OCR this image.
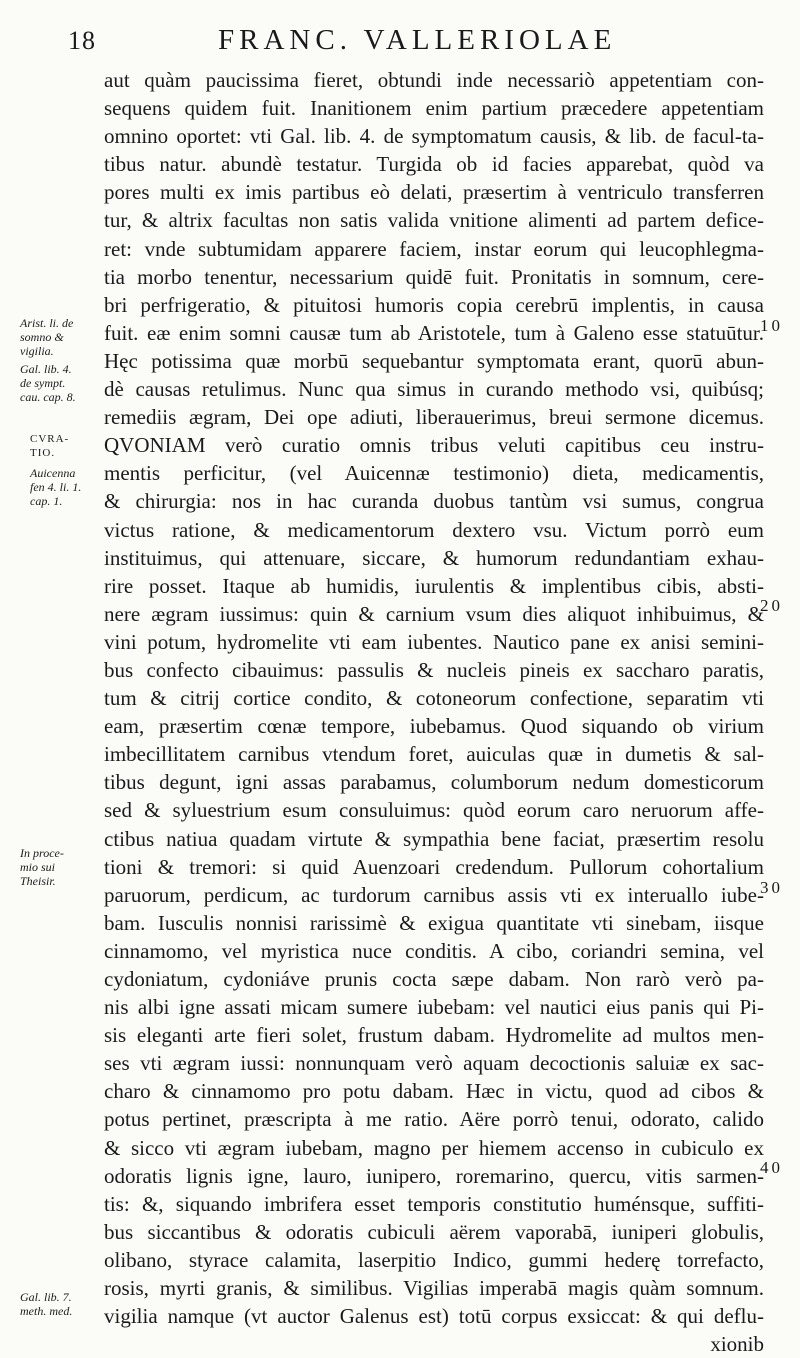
18	FRANC. VALLERIOLAE
aut quàm paucissima fieret, obtundi inde necessariò appetentiam con-
sequens quidem fuit. Inanitionem enim partium præcedere appetentiam
omnino oportet: vti Gal. lib. 4. de symptomatum causis, & lib. de facul-ta-
tibus natur. abundè testatur. Turgida ob id facies apparebat, quòd va
pores multi ex imis partibus eò delati, præsertim à ventriculo transferren
tur, & altrix facultas non satis valida vnitione alimenti ad partem defice-
ret: vnde subtumidam apparere faciem, instar eorum qui leucophlegma-
tia morbo tenentur, necessarium quidē fuit. Pronitatis in somnum, cere-
bri perfrigeratio, & pituitosi humoris copia cerebrū implentis, in causa
fuit. eæ enim somni causæ tum ab Aristotele, tum à Galeno esse statuūtur.
Hęc potissima quæ morbū sequebantur symptomata erant, quorū abun-
dè causas retulimus. Nunc qua simus in curando methodo vsi, quibúsq;
remediis ægram, Dei ope adiuti, liberauerimus, breui sermone dicemus.
QVONIAM verò curatio omnis tribus veluti capitibus ceu instru-
mentis perficitur, (vel Auicennæ testimonio) dieta, medicamentis,
& chirurgia: nos in hac curanda duobus tantùm vsi sumus, congrua
victus ratione, & medicamentorum dextero vsu. Victum porrò eum
instituimus, qui attenuare, siccare, & humorum redundantiam exhau-
rire posset. Itaque ab humidis, iurulentis & implentibus cibis, absti-
nere ægram iussimus: quin & carnium vsum dies aliquot inhibuimus, &
vini potum, hydromelite vti eam iubentes. Nautico pane ex anisi semini-
bus confecto cibauimus: passulis & nucleis pineis ex saccharo paratis,
tum & citrij cortice condito, & cotoneorum confectione, separatim vti
eam, præsertim cœnæ tempore, iubebamus. Quod siquando ob virium
imbecillitatem carnibus vtendum foret, auiculas quæ in dumetis & sal-
tibus degunt, igni assas parabamus, columborum nedum domesticorum
sed & syluestrium esum consuluimus: quòd eorum caro neruorum affe-
ctibus natiua quadam virtute & sympathia bene faciat, præsertim resolu
tioni & tremori: si quid Auenzoari credendum. Pullorum cohortalium
paruorum, perdicum, ac turdorum carnibus assis vti ex interuallo iube-
bam. Iusculis nonnisi rarissimè & exigua quantitate vti sinebam, iisque
cinnamomo, vel myristica nuce conditis. A cibo, coriandri semina, vel
cydoniatum, cydoniáve prunis cocta sæpe dabam. Non rarò verò pa-
nis albi igne assati micam sumere iubebam: vel nautici eius panis qui Pi-
sis eleganti arte fieri solet, frustum dabam. Hydromelite ad multos men-
ses vti ægram iussi: nonnunquam verò aquam decoctionis saluiæ ex sac-
charo & cinnamomo pro potu dabam. Hæc in victu, quod ad cibos &
potus pertinet, præscripta à me ratio. Aëre porrò tenui, odorato, calido
& sicco vti ægram iubebam, magno per hiemem accenso in cubiculo ex
odoratis lignis igne, lauro, iunipero, roremarino, quercu, vitis sarmen-
tis: &, siquando imbrifera esset temporis constitutio huménsque, suffiti-
bus siccantibus & odoratis cubiculi aërem vaporabā, iuniperi globulis,
olibano, styrace calamita, laserpitio Indico, gummi hederę torrefacto,
rosis, myrti granis, & similibus. Vigilias imperabā magis quàm somnum.
vigilia namque (vt auctor Galenus est) totū corpus exsiccat: & qui deflu-
xionib
Arist. li. de
somno &
vigilia.
Gal. lib. 4.
de sympt.
cau. cap. 8.
CVRA-
TIO.
Auicenna
fen 4. li. 1.
cap. 1.
In proce-
mio sui
Theisir.
Gal. lib. 7.
meth. med.
10
20
30
40
